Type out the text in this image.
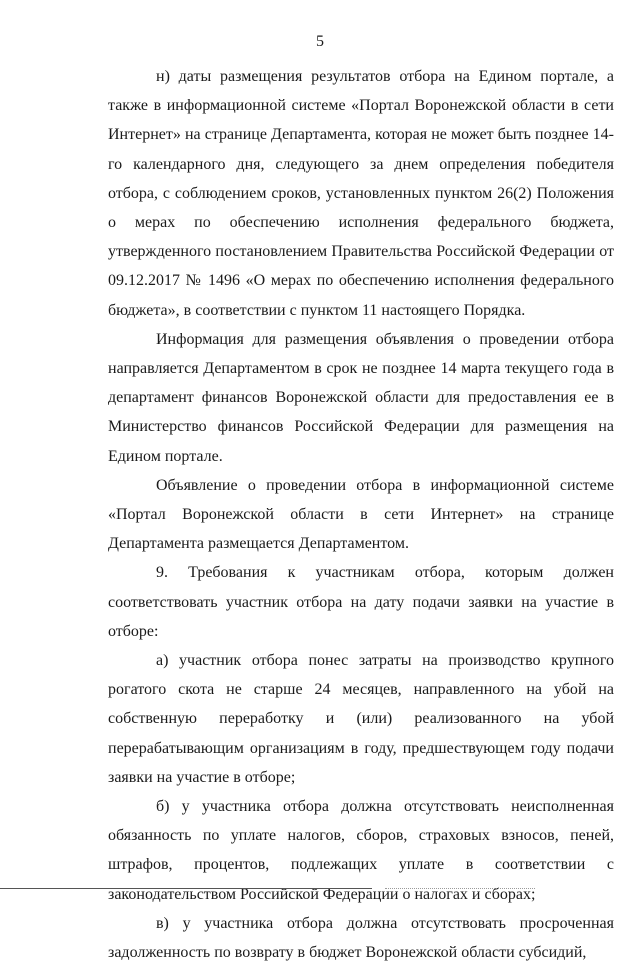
5

н) даты размещения результатов отбора на Едином портале, а также в информационной системе «Портал Воронежской области в сети Интернет» на странице Департамента, которая не может быть позднее 14-го календарного дня, следующего за днем определения победителя отбора, с соблюдением сроков, установленных пунктом 26(2) Положения о мерах по обеспечению исполнения федерального бюджета, утвержденного постановлением Правительства Российской Федерации от 09.12.2017 № 1496 «О мерах по обеспечению исполнения федерального бюджета», в соответствии с пунктом 11 настоящего Порядка.

Информация для размещения объявления о проведении отбора направляется Департаментом в срок не позднее 14 марта текущего года в департамент финансов Воронежской области для предоставления ее в Министерство финансов Российской Федерации для размещения на Едином портале.

Объявление о проведении отбора в информационной системе «Портал Воронежской области в сети Интернет» на странице Департамента размещается Департаментом.

9. Требования к участникам отбора, которым должен соответствовать участник отбора на дату подачи заявки на участие в отборе:

а) участник отбора понес затраты на производство крупного рогатого скота не старше 24 месяцев, направленного на убой на собственную переработку и (или) реализованного на убой перерабатывающим организациям в году, предшествующем году подачи заявки на участие в отборе;

б) у участника отбора должна отсутствовать неисполненная обязанность по уплате налогов, сборов, страховых взносов, пеней, штрафов, процентов, подлежащих уплате в соответствии с законодательством Российской Федерации о налогах и сборах;

в) у участника отбора должна отсутствовать просроченная задолженность по возврату в бюджет Воронежской области субсидий,
